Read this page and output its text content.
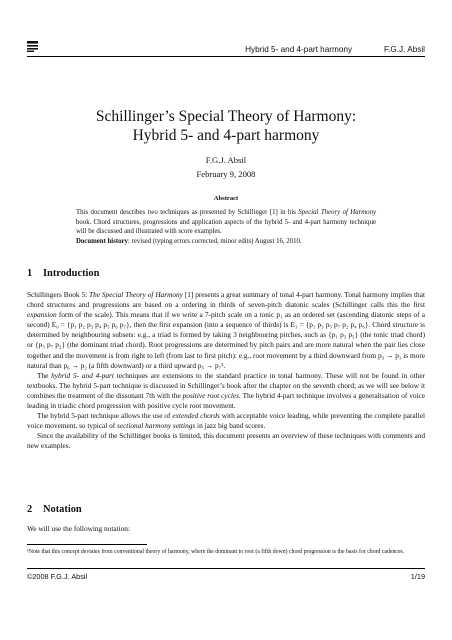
Hybrid 5- and 4-part harmony	F.G.J. Absil
Schillinger’s Special Theory of Harmony:
Hybrid 5- and 4-part harmony
F.G.J. Absil
February 9, 2008
Abstract
This document describes two techniques as presented by Schillinger [1] in his Special Theory of Harmony book. Chord structures, progressions and application aspects of the hybrid 5- and 4-part harmony technique will be discussed and illustrated with score examples.
Document history: revised (typing errors corrected, minor edits) August 16, 2010.
1 Introduction

Schillingers Book 5: The Special Theory of Harmony [1] presents a great summary of tonal 4-part harmony. Tonal harmony implies that chord structures and progressions are based on a ordering in thirds of seven-pitch diatonic scales (Schillinger calls this the first expansion form of the scale). This means that if we write a 7-pitch scale on a tonic p₁ as an ordered set (ascending diatonic steps of a second) E₀ = {p₁ p₂ p₃ p₄ p₅ p₆ p₇}, then the first expansion (into a sequence of thirds) is E₁ = {p₁ p₃ p₅ p₇ p₂ p₄ p₆}. Chord structure is determined by neighbouring subsets: e.g., a triad is formed by taking 3 neighbouring pitches, such as {p₁ p₃ p₅} (the tonic triad chord) or {p₅ p₇ p₂} (the dominant triad chord). Root progressions are determined by pitch pairs and are more natural when the pair lies close together and the movement is from right to left (from last to first pitch): e.g., root movement by a third downward from p₃ → p₁ is more natural than p₆ → p₂ (a fifth downward) or a third upward p₅ → p₇¹.

The hybrid 5- and 4-part techniques are extensions to the standard practice in tonal harmony. These will not be found in other textbooks. The hybrid 5-part technique is discussed in Schillinger’s book after the chapter on the seventh chord; as we will see below it combines the treatment of the dissonant 7th with the positive root cycles. The hybrid 4-part technique involves a generalisation of voice leading in triadic chord progression with positive cycle root movement.

The hybrid 5-part technique allows the use of extended chords with acceptable voice leading, while preventing the complete parallel voice movement, so typical of sectional harmony settings in jazz big band scores.

Since the availability of the Schillinger books is limited, this document presents an overview of these techniques with comments and new examples.

2 Notation

We will use the following notation:

¹Note that this concept deviates from conventional theory of harmony, where the dominant to root (a fifth down) chord progression is the basis for chord cadences.
©2008 F.G.J. Absil	1/19
